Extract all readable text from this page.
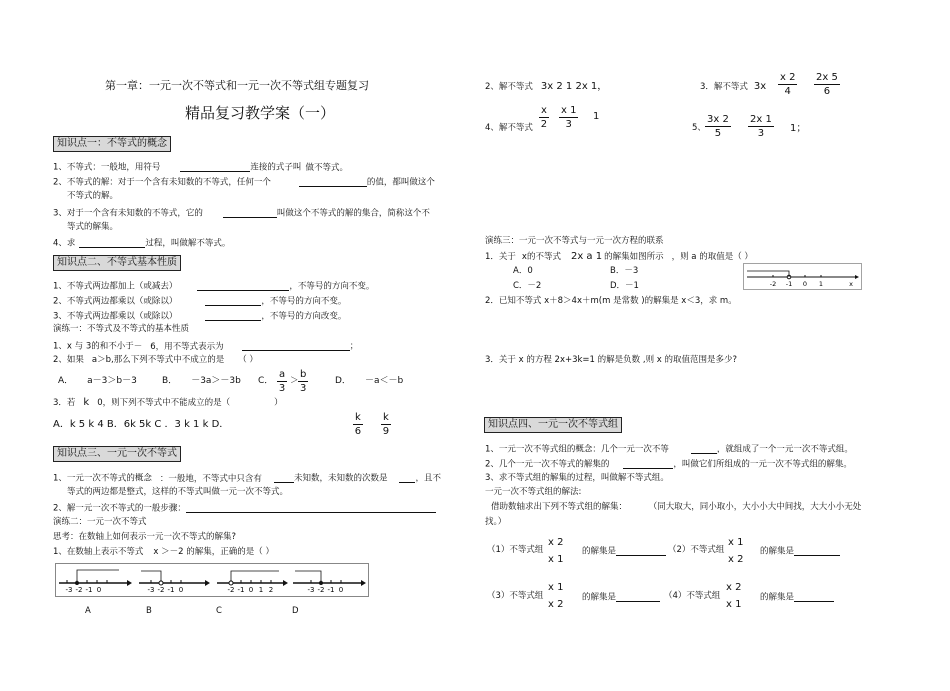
第一章：一元一次不等式和一元一次不等式组专题复习
精品复习教学案（一）
知识点一：不等式的概念
1、不等式：一般地，用符号	连接的式子叫 做不等式。
2、不等式的解：对于一个含有未知数的不等式，任何一个	的值，都叫做这个
不等式的解。
3、对于一个含有未知数的不等式，它的	叫做这个不等式的解的集合，简称这个不
等式的解集。
4、求	过程，叫做解不等式。
知识点二、不等式基本性质
1、不等式两边都加上（或减去）	，不等号的方向不变。
2、不等式两边都乘以（或除以）	，不等号的方向不变。
3、不等式两边都乘以（或除以）	，不等号的方向改变。
演练一：不等式及不等式的基本性质
1、x 与 3的和不小于－ 6，用不等式表示为	；
2、如果 a＞b,那么下列不等式中不成立的是 （ ）
A． a－3＞b－3	B． －3a＞－3b C． $\frac{a}{3} > \frac{b}{3}$	D． －a＜－b
3．若 k 0，则下列不等式中不能成立的是（	）
A．k 5 k 4 B．6k 5k C ．3 k 1 k D．	$\frac{k}{6} \frac{k}{9}$
知识点三、一元一次不等式
1、一元一次不等式的概念 ：一般地，不等式中只含有	未知数，未知数的次数是	，且不
等式的两边都是整式，这样的不等式叫做一元一次不等式。
2、解一元一次不等式的一般步骤：
演练二：一元一次不等式
思考：在数轴上如何表示一元一次不等式的解集?
1、在数轴上表示不等式 x ＞－2 的解集，正确的是（ ）
-3 -2 -1 0	-3 -2 -1 0	-2 -1 0 1 2	-3 -2 -1 0
A	B	C	D
2、解不等式 3x 2 1 2x 1，	3．解不等式 $3x \frac{x 2}{4} \frac{2x 5}{6}$
4、解不等式 $\frac{x}{2} \frac{x 1}{3} 1$
5、 $\frac{3x 2}{5} \frac{2x 1}{3} 1$；
演练三：一元一次不等式与一元一次方程的联系
1．关于 x的不等式 2x a 1 的解集如图所示 ，则 a 的取值是（ ）
A．0	B．－3
C．－2	D．－1	-2 -1 0 1	x
2．已知不等式 x＋8＞4x＋m(m 是常数 )的解集是 x＜3，求 m。
3．关于 x 的方程 2x+3k=1 的解是负数 ,则 x 的取值范围是多少?
知识点四、一元一次不等式组
1、一元一次不等式组的概念：几个一元一次不等	，就组成了一个一元一次不等式组。
2、几个一元一次不等式的解集的	，叫做它们所组成的一元一次不等式组的解集。
3、求不等式组的解集的过程，叫做解不等式组。
一元一次不等式组的解法:
借助数轴求出下列不等式组的解集：	（同大取大，同小取小，大小小大中间找，大大小小无处
找。）
（1）不等式组
x 2
x 1
的解集是	（2）不等式组
x 1
x 2
的解集是
（3）不等式组
x 1
x 2
的解集是	（4）不等式组
x 2
x 1
的解集是
